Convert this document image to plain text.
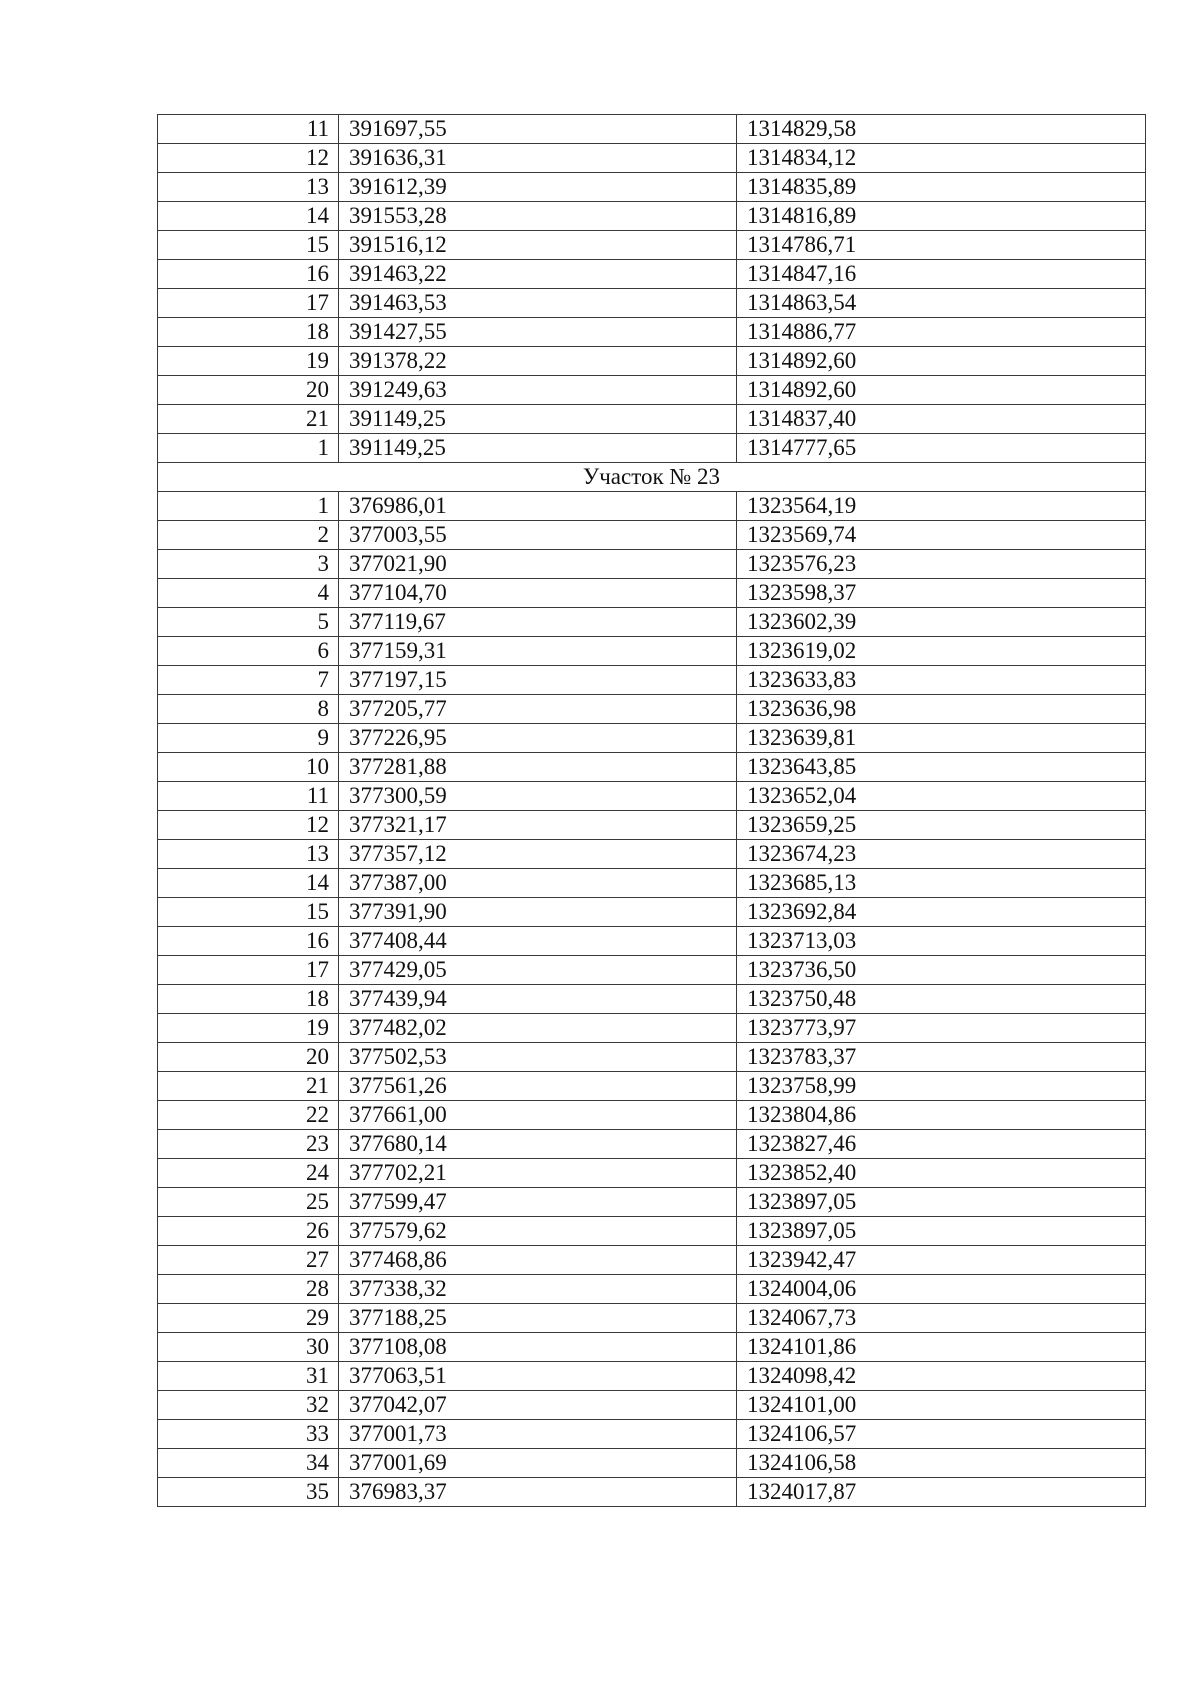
11	391697,55	1314829,58
12	391636,31	1314834,12
13	391612,39	1314835,89
14	391553,28	1314816,89
15	391516,12	1314786,71
16	391463,22	1314847,16
17	391463,53	1314863,54
18	391427,55	1314886,77
19	391378,22	1314892,60
20	391249,63	1314892,60
21	391149,25	1314837,40
1	391149,25	1314777,65
Участок № 23		
1	376986,01	1323564,19
2	377003,55	1323569,74
3	377021,90	1323576,23
4	377104,70	1323598,37
5	377119,67	1323602,39
6	377159,31	1323619,02
7	377197,15	1323633,83
8	377205,77	1323636,98
9	377226,95	1323639,81
10	377281,88	1323643,85
11	377300,59	1323652,04
12	377321,17	1323659,25
13	377357,12	1323674,23
14	377387,00	1323685,13
15	377391,90	1323692,84
16	377408,44	1323713,03
17	377429,05	1323736,50
18	377439,94	1323750,48
19	377482,02	1323773,97
20	377502,53	1323783,37
21	377561,26	1323758,99
22	377661,00	1323804,86
23	377680,14	1323827,46
24	377702,21	1323852,40
25	377599,47	1323897,05
26	377579,62	1323897,05
27	377468,86	1323942,47
28	377338,32	1324004,06
29	377188,25	1324067,73
30	377108,08	1324101,86
31	377063,51	1324098,42
32	377042,07	1324101,00
33	377001,73	1324106,57
34	377001,69	1324106,58
35	376983,37	1324017,87
